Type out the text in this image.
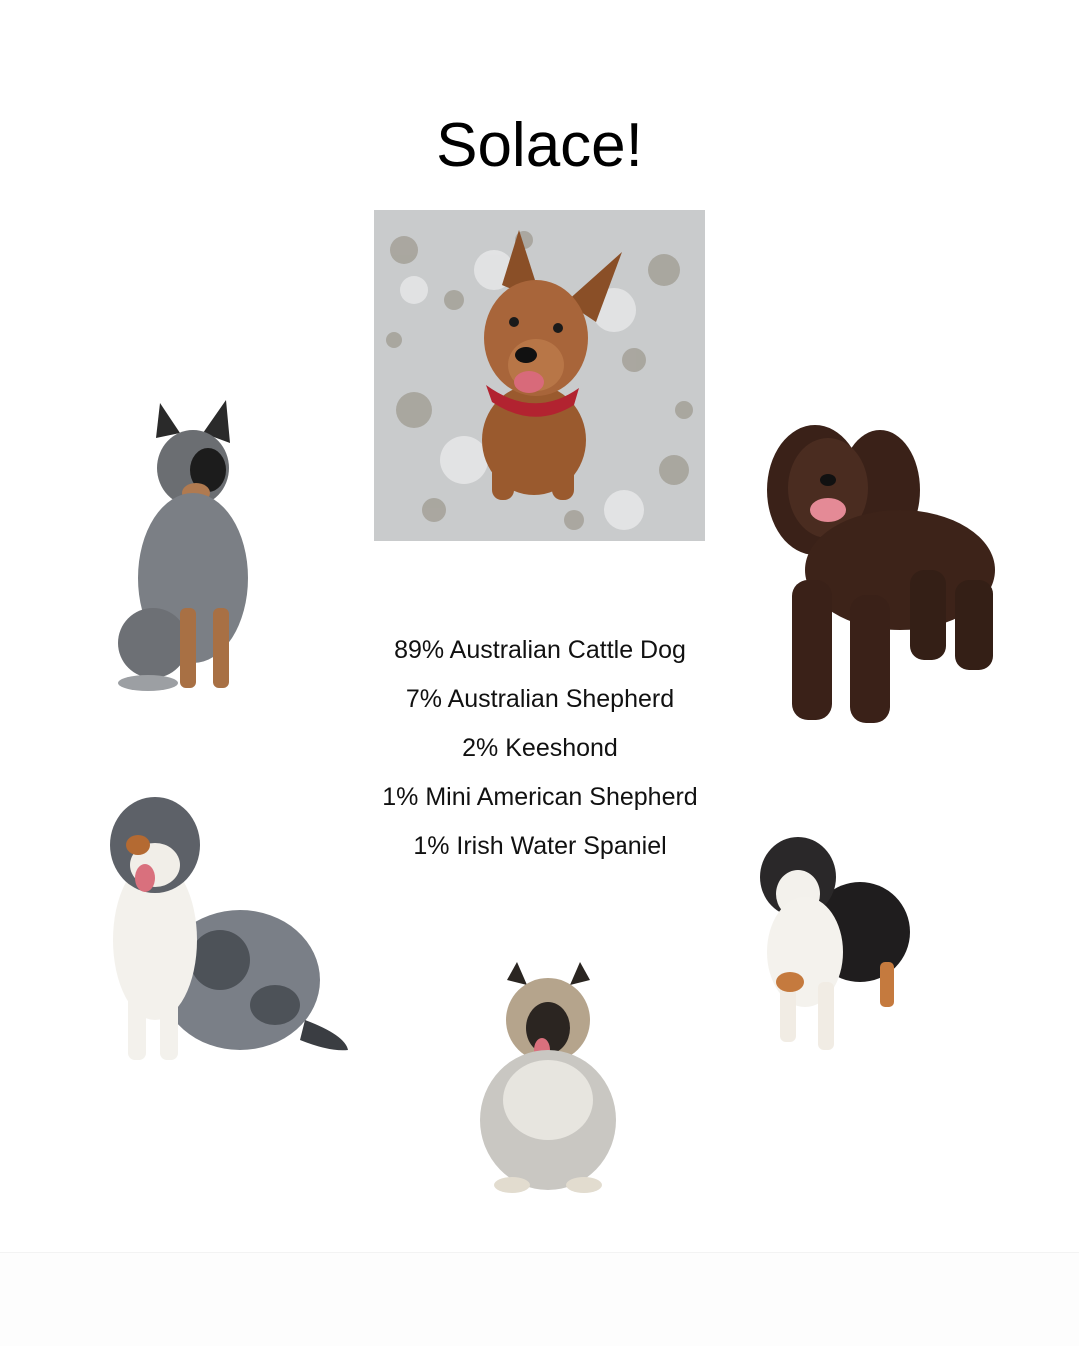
Solace!
89% Australian Cattle Dog
7% Australian Shepherd
2% Keeshond
1% Mini American Shepherd
1% Irish Water Spaniel
